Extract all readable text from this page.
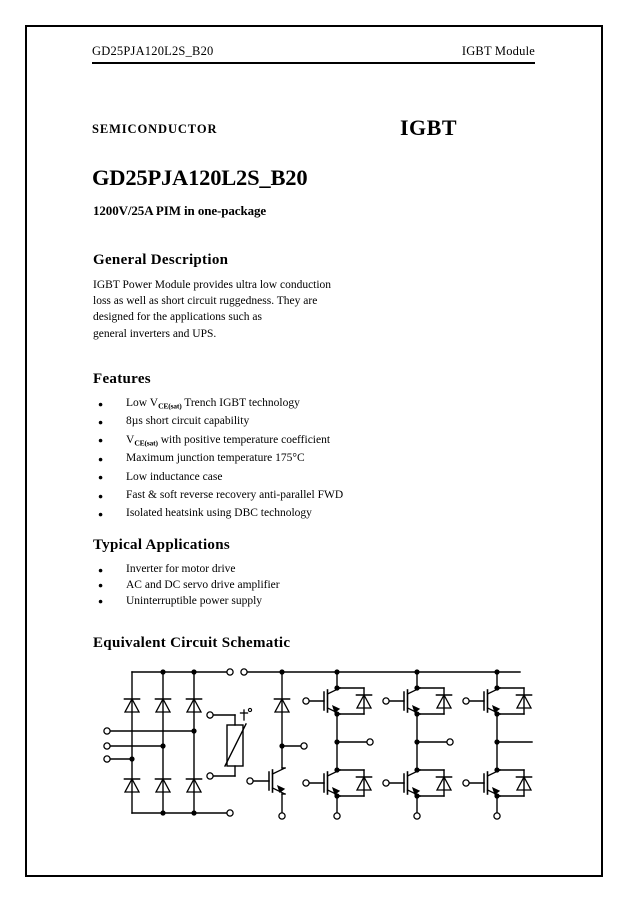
GD25PJA120L2S_B20	IGBT Module
SEMICONDUCTOR	IGBT
GD25PJA120L2S_B20
1200V/25A PIM in one-package
General Description
IGBT Power Module provides ultra low conduction
loss as well as short circuit ruggedness. They are
designed for the applications such as
general inverters and UPS.
Features
● Low $V_{CE(sat)}$ Trench IGBT technology
● 8µs short circuit capability
● $V_{CE(sat)}$ with positive temperature coefficient
● Maximum junction temperature 175°C
● Low inductance case
● Fast & soft reverse recovery anti-parallel FWD
● Isolated heatsink using DBC technology
Typical Applications
● Inverter for motor drive
● AC and DC servo drive amplifier
● Uninterruptible power supply
Equivalent Circuit Schematic
